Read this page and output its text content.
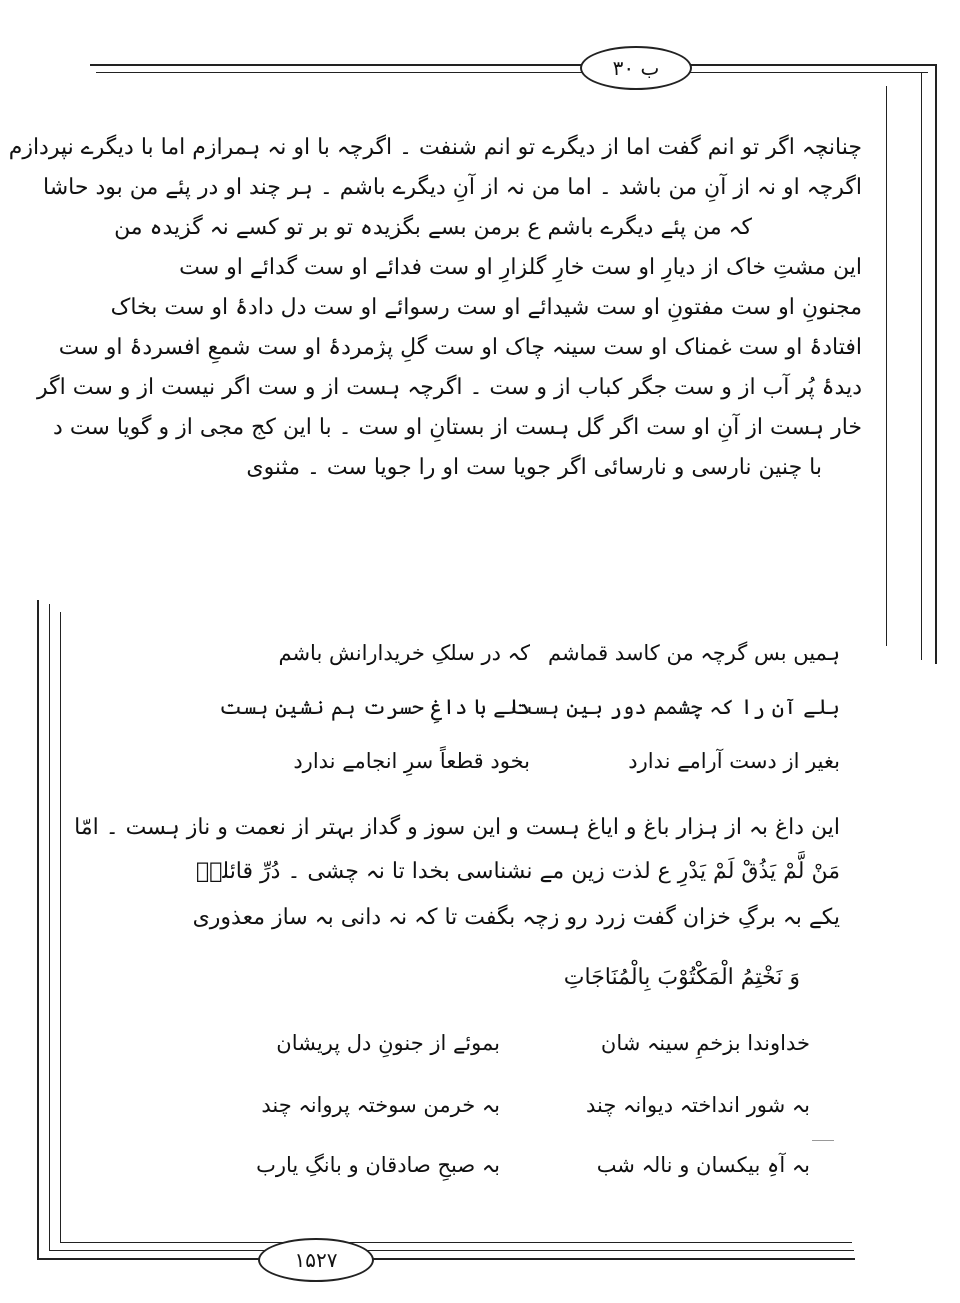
۳۰ ب
۱۵۲۷
چنانچہ اگر تو انم گفت اما از دیگرے تو انم شنفت ۔ اگرچہ با او نہ ہمرازم اما با دیگرے نپردازم
اگرچہ او نہ از آنِ من باشد ۔ اما من نہ از آنِ دیگرے باشم ۔ ہر چند او در پئے من بود حاشا
کہ من پئے دیگرے باشم ع برمن بسے بگزیدہ تو بر تو کسے نہ گزیدہ من
این مشتِ خاک از دیارِ او ست خارِ گلزارِ او ست فدائے او ست گدائے او ست
مجنونِ او ست مفتونِ او ست شیدائے او ست رسوائے او ست دل دادۂ او ست بخاک
افتادۂ او ست غمناک او ست سینہ چاک او ست گلِ پژمردۂ او ست شمعِ افسردۂ او ست
دیدۂ پُر آب از و ست جگر کباب از و ست ۔ اگرچہ ہست از و ست اگر نیست از و ست اگر
خار ہست از آنِ او ست اگر گل ہست از بستانِ او ست ۔ با این کج مجی از و گویا ست د
با چنین نارسی و نارسائی اگر جویا ست او را جویا ست ۔ مثنوی
ہمیں بس گرچہ من کاسد قماشم
کہ در سلکِ خریدارانش باشم
بلے آن را کہ چشمم دور بین ہست
دلے با داغِ حسرت ہم نشین ہست
بغیر از دست آرامے ندارد
بخود قطعاً سرِ انجامے ندارد
این داغ بہ از ہزار باغ و ایاغ ہست و این سوز و گداز بہتر از نعمت و ناز ہست ۔ امّا
مَنْ لَّمْ یَذُقْ لَمْ یَدْرِ ع لذت زین مے نشناسی بخدا تا نہ چشی ۔ دُرِّ قائلہٗ
یکے بہ برگِ خزان گفت زرد رو زچہ بگفت تا کہ نہ دانی بہ ساز معذوری
وَ نَخْتِمُ الْمَکْتُوْبَ بِالْمُنَاجَاتِ
خداوندا بزخمِ سینہ شان
بموئے از جنونِ دل پریشان
بہ شور انداختہ دیوانہ چند
بہ خرمن سوختہ پروانہ چند
بہ آہِ بیکسان و نالہ شب
بہ صبحِ صادقان و بانگِ یارب
